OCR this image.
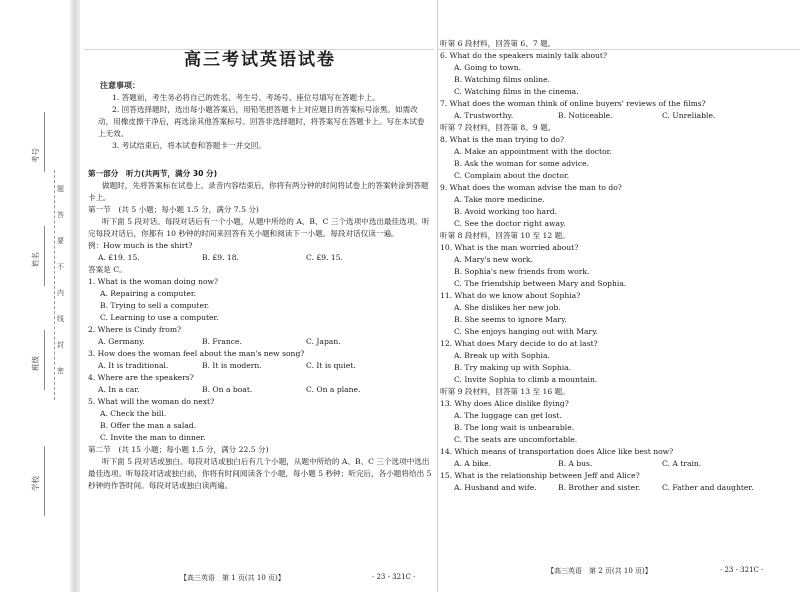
考号
姓名
班级
学校
题
答
要
不
内
线
封
密
高三考试英语试卷
注意事项：
1. 答题前，考生务必将自己的姓名、考生号、考场号、座位号填写在答题卡上。
2. 回答选择题时，选出每小题答案后，用铅笔把答题卡上对应题目的答案标号涂黑。如需改动，用橡皮擦干净后，再选涂其他答案标号。回答非选择题时，将答案写在答题卡上。写在本试卷上无效。
3. 考试结束后，将本试卷和答题卡一并交回。
第一部分　听力(共两节，满分 30 分)
做题时，先将答案标在试卷上。录音内容结束后，你将有两分钟的时间将试卷上的答案转涂到答题卡上。
第一节　(共 5 小题；每小题 1.5 分，满分 7.5 分)
听下面 5 段对话。每段对话后有一个小题，从题中所给的 A、B、C 三个选项中选出最佳选项。听完每段对话后，你都有 10 秒钟的时间来回答有关小题和阅读下一小题。每段对话仅读一遍。
例：How much is the shirt?
A. £19. 15.	B. £9. 18.	C. £9. 15.
答案是 C。
1. What is the woman doing now?
A. Repairing a computer.
B. Trying to sell a computer.
C. Learning to use a computer.
2. Where is Cindy from?
A. Germany.	B. France.	C. Japan.
3. How does the woman feel about the man's new song?
A. It is traditional.	B. It is modern.	C. It is quiet.
4. Where are the speakers?
A. In a car.	B. On a boat.	C. On a plane.
5. What will the woman do next?
A. Check the bill.
B. Offer the man a salad.
C. Invite the man to dinner.
第二节　(共 15 小题；每小题 1.5 分，满分 22.5 分)
听下面 5 段对话或独白。每段对话或独白后有几个小题，从题中所给的 A、B、C 三个选项中选出最佳选项。听每段对话或独白前，你将有时间阅读各个小题，每小题 5 秒钟；听完后，各小题将给出 5 秒钟的作答时间。每段对话或独白读两遍。
【高三英语　第 1 页(共 10 页)】	· 23 - 321C ·
听第 6 段材料，回答第 6、7 题。
6. What do the speakers mainly talk about?
A. Going to town.
B. Watching films online.
C. Watching films in the cinema.
7. What does the woman think of online buyers' reviews of the films?
A. Trustworthy.	B. Noticeable.	C. Unreliable.
听第 7 段材料，回答第 8、9 题。
8. What is the man trying to do?
A. Make an appointment with the doctor.
B. Ask the woman for some advice.
C. Complain about the doctor.
9. What does the woman advise the man to do?
A. Take more medicine.
B. Avoid working too hard.
C. See the doctor right away.
听第 8 段材料，回答第 10 至 12 题。
10. What is the man worried about?
A. Mary's new work.
B. Sophia's new friends from work.
C. The friendship between Mary and Sophia.
11. What do we know about Sophia?
A. She dislikes her new job.
B. She seems to ignore Mary.
C. She enjoys hanging out with Mary.
12. What does Mary decide to do at last?
A. Break up with Sophia.
B. Try making up with Sophia.
C. Invite Sophia to climb a mountain.
听第 9 段材料，回答第 13 至 16 题。
13. Why does Alice dislike flying?
A. The luggage can get lost.
B. The long wait is unbearable.
C. The seats are uncomfortable.
14. Which means of transportation does Alice like best now?
A. A bike.	B. A bus.	C. A train.
15. What is the relationship between Jeff and Alice?
A. Husband and wife.	B. Brother and sister.	C. Father and daughter.
【高三英语　第 2 页(共 10 页)】	· 23 - 321C ·
